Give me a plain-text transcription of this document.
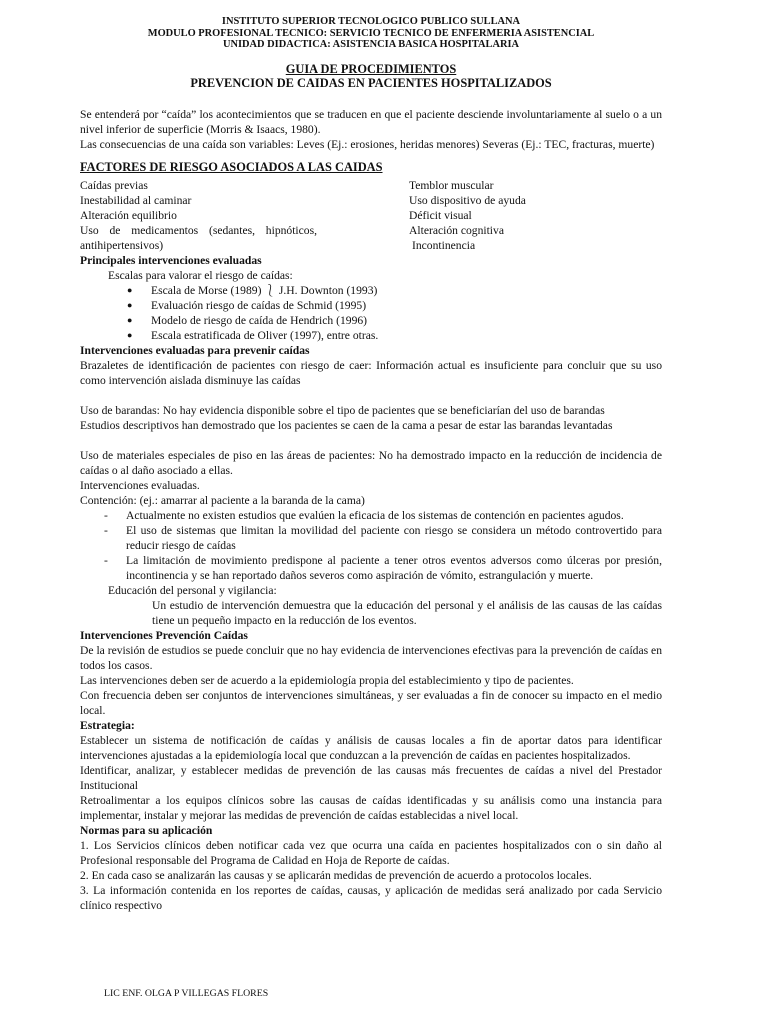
INSTITUTO SUPERIOR TECNOLOGICO PUBLICO SULLANA
MODULO PROFESIONAL TECNICO: SERVICIO TECNICO DE ENFERMERIA ASISTENCIAL
UNIDAD DIDACTICA: ASISTENCIA BASICA HOSPITALARIA
GUIA DE PROCEDIMIENTOS
PREVENCION DE CAIDAS EN PACIENTES HOSPITALIZADOS

Se entenderá por “caída” los acontecimientos que se traducen en que el paciente desciende involuntariamente al suelo o a un nivel inferior de superficie (Morris & Isaacs, 1980).

Las consecuencias de una caída son variables: Leves (Ej.: erosiones, heridas menores) Severas (Ej.: TEC, fracturas, muerte)

FACTORES DE RIESGO ASOCIADOS A LAS CAIDAS
Caídas previas
Inestabilidad al caminar
Alteración equilibrio
Uso de medicamentos (sedantes, hipnóticos, antihipertensivos)
Temblor muscular
Uso dispositivo de ayuda
Déficit visual
Alteración cognitiva
Incontinencia
Principales intervenciones evaluadas

Escalas para valorar el riesgo de caídas:

● Escala de Morse (1989) ⎱ J.H. Downton (1993)
● Evaluación riesgo de caídas de Schmid (1995)
● Modelo de riesgo de caída de Hendrich (1996)
● Escala estratificada de Oliver (1997), entre otras.
Intervenciones evaluadas para prevenir caídas

Brazaletes de identificación de pacientes con riesgo de caer: Información actual es insuficiente para concluir que su uso como intervención aislada disminuye las caídas

Uso de barandas: No hay evidencia disponible sobre el tipo de pacientes que se beneficiarían del uso de barandas

Estudios descriptivos han demostrado que los pacientes se caen de la cama a pesar de estar las barandas levantadas

Uso de materiales especiales de piso en las áreas de pacientes: No ha demostrado impacto en la reducción de incidencia de caídas o al daño asociado a ellas.

Intervenciones evaluadas.

Contención: (ej.: amarrar al paciente a la baranda de la cama)

- Actualmente no existen estudios que evalúen la eficacia de los sistemas de contención en pacientes agudos.
- El uso de sistemas que limitan la movilidad del paciente con riesgo se considera un método controvertido para reducir riesgo de caídas
- La limitación de movimiento predispone al paciente a tener otros eventos adversos como úlceras por presión, incontinencia y se han reportado daños severos como aspiración de vómito, estrangulación y muerte.

Educación del personal y vigilancia:

Un estudio de intervención demuestra que la educación del personal y el análisis de las causas de las caídas tiene un pequeño impacto en la reducción de los eventos.

Intervenciones Prevención Caídas

De la revisión de estudios se puede concluir que no hay evidencia de intervenciones efectivas para la prevención de caídas en todos los casos.

Las intervenciones deben ser de acuerdo a la epidemiología propia del establecimiento y tipo de pacientes.

Con frecuencia deben ser conjuntos de intervenciones simultáneas, y ser evaluadas a fin de conocer su impacto en el medio local.

Estrategia:

Establecer un sistema de notificación de caídas y análisis de causas locales a fin de aportar datos para identificar intervenciones ajustadas a la epidemiología local que conduzcan a la prevención de caídas en pacientes hospitalizados.

Identificar, analizar, y establecer medidas de prevención de las causas más frecuentes de caídas a nivel del Prestador Institucional

Retroalimentar a los equipos clínicos sobre las causas de caídas identificadas y su análisis como una instancia para implementar, instalar y mejorar las medidas de prevención de caídas establecidas a nivel local.

Normas para su aplicación

1. Los Servicios clínicos deben notificar cada vez que ocurra una caída en pacientes hospitalizados con o sin daño al Profesional responsable del Programa de Calidad en Hoja de Reporte de caídas.

2. En cada caso se analizarán las causas y se aplicarán medidas de prevención de acuerdo a protocolos locales.

3. La información contenida en los reportes de caídas, causas, y aplicación de medidas será analizado por cada Servicio clínico respectivo

LIC ENF. OLGA P VILLEGAS FLORES
